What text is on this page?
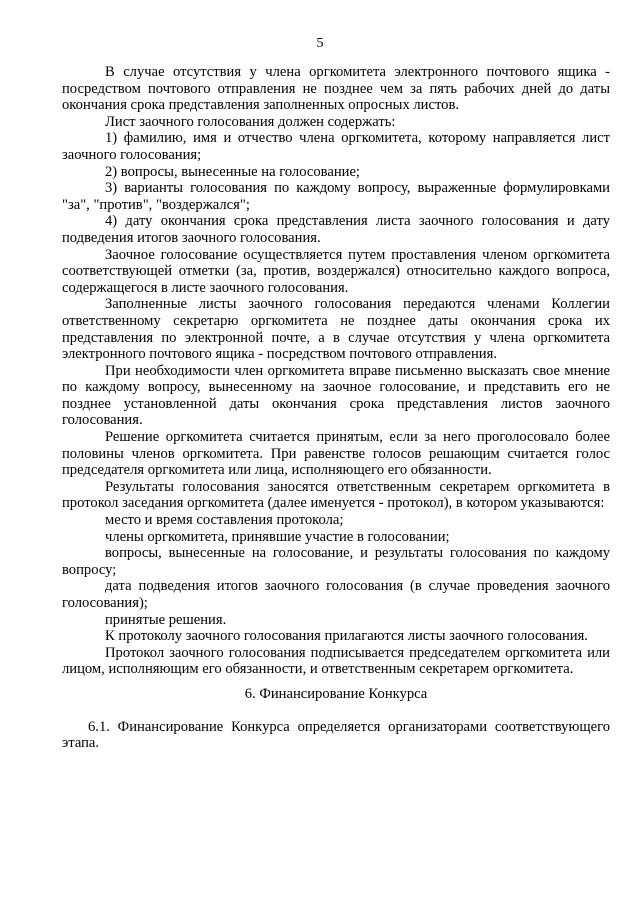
5

В случае отсутствия у члена оргкомитета электронного почтового ящика - посредством почтового отправления не позднее чем за пять рабочих дней до даты окончания срока представления заполненных опросных листов.

Лист заочного голосования должен содержать:

1) фамилию, имя и отчество члена оргкомитета, которому направляется лист заочного голосования;

2) вопросы, вынесенные на голосование;

3) варианты голосования по каждому вопросу, выраженные формулировками "за", "против", "воздержался";

4) дату окончания срока представления листа заочного голосования и дату подведения итогов заочного голосования.

Заочное голосование осуществляется путем проставления членом оргкомитета соответствующей отметки (за, против, воздержался) относительно каждого вопроса, содержащегося в листе заочного голосования.

Заполненные листы заочного голосования передаются членами Коллегии ответственному секретарю оргкомитета не позднее даты окончания срока их представления по электронной почте, а в случае отсутствия у члена оргкомитета электронного почтового ящика - посредством почтового отправления.

При необходимости член оргкомитета вправе письменно высказать свое мнение по каждому вопросу, вынесенному на заочное голосование, и представить его не позднее установленной даты окончания срока представления листов заочного голосования.

Решение оргкомитета считается принятым, если за него проголосовало более половины членов оргкомитета. При равенстве голосов решающим считается голос председателя оргкомитета или лица, исполняющего его обязанности.

Результаты голосования заносятся ответственным секретарем оргкомитета в протокол заседания оргкомитета (далее именуется - протокол), в котором указываются:

место и время составления протокола;

члены оргкомитета, принявшие участие в голосовании;

вопросы, вынесенные на голосование, и результаты голосования по каждому вопросу;

дата подведения итогов заочного голосования (в случае проведения заочного голосования);

принятые решения.

К протоколу заочного голосования прилагаются листы заочного голосования.

Протокол заочного голосования подписывается председателем оргкомитета или лицом, исполняющим его обязанности, и ответственным секретарем оргкомитета.

6. Финансирование Конкурса

6.1. Финансирование Конкурса определяется организаторами соответствующего этапа.
